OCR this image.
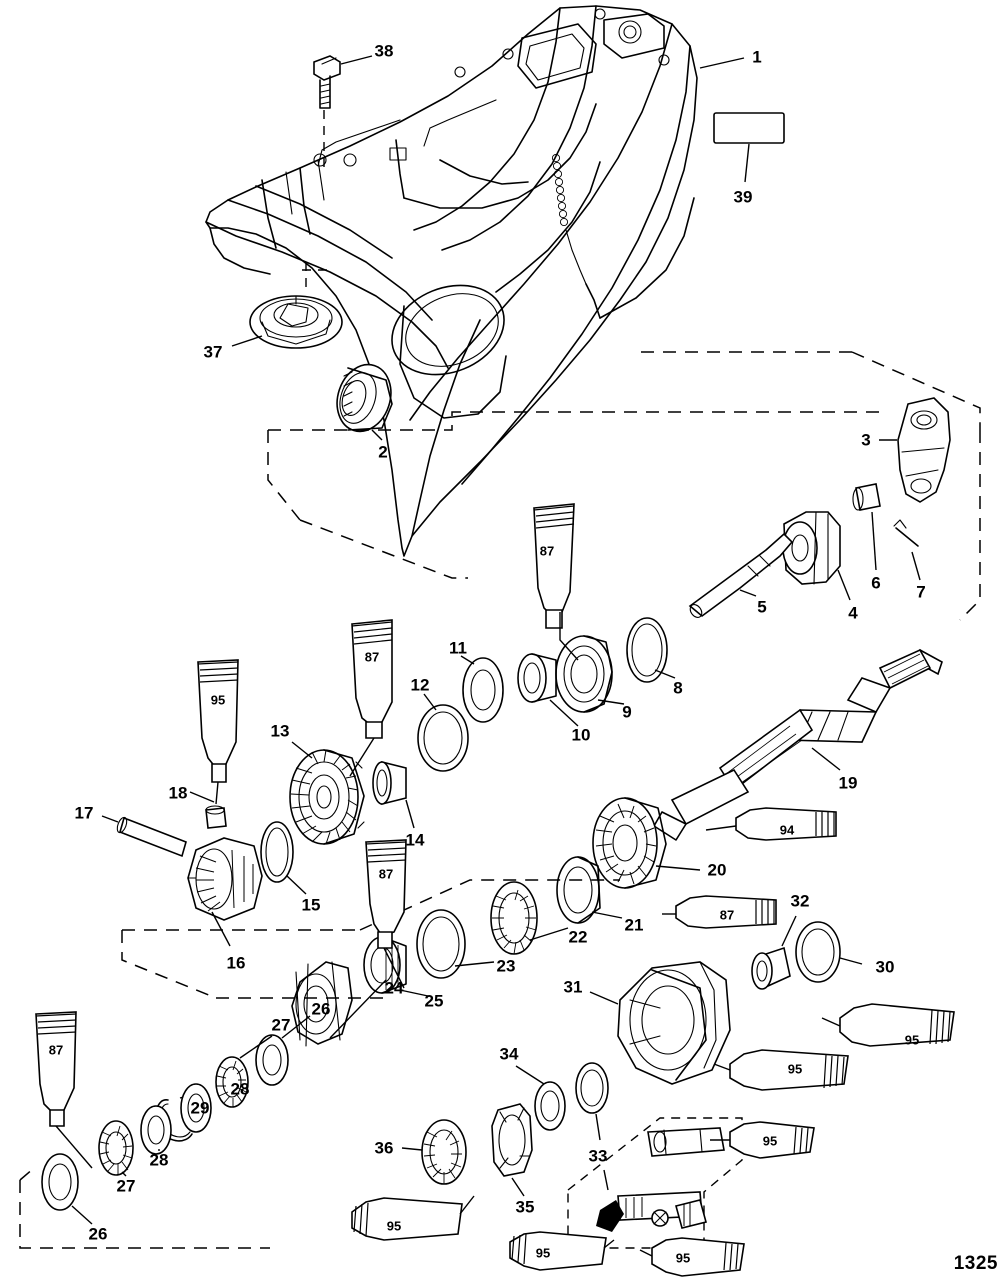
1
2
3
4
5
6 7
8
9
10
11
12
13
14
15
16
17
18
19
20
21
22
23
24
25
26
27
28
29
28
27
26
30
31
32
33
34
35
36
37
38
39
87
87
95
87
87
94
87
95
95
95
95
95	95	1325
